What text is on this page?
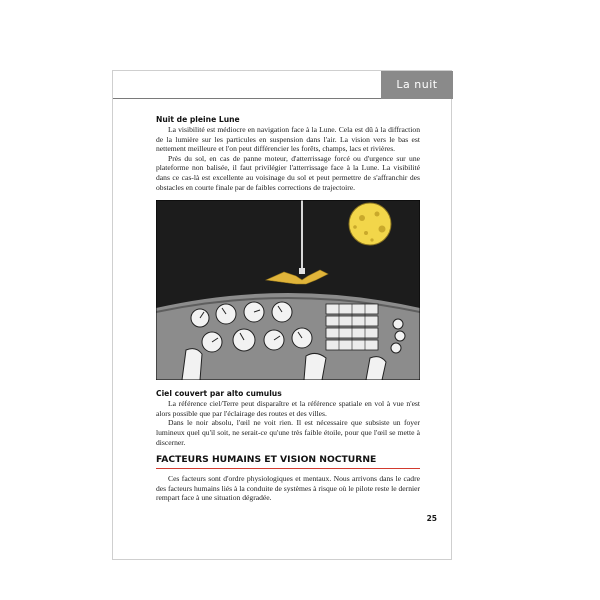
La nuit
Nuit de pleine Lune

La visibilité est médiocre en navigation face à la Lune. Cela est dû à la diffraction de la lumière sur les particules en suspension dans l'air. La vision vers le bas est nettement meilleure et l'on peut différencier les forêts, champs, lacs et rivières.

Près du sol, en cas de panne moteur, d'atterrissage forcé ou d'urgence sur une plateforme non balisée, il faut privilégier l'atterrissage face à la Lune. La visibilité dans ce cas-là est excellente au voisinage du sol et peut permettre de s'affranchir des obstacles en courte finale par de faibles corrections de trajectoire.

Ciel couvert par alto cumulus

La référence ciel/Terre peut disparaître et la référence spatiale en vol à vue n'est alors possible que par l'éclairage des routes et des villes.

Dans le noir absolu, l'œil ne voit rien. Il est nécessaire que subsiste un foyer lumineux quel qu'il soit, ne serait-ce qu'une très faible étoile, pour que l'œil se mette à discerner.

FACTEURS HUMAINS ET VISION NOCTURNE

Ces facteurs sont d'ordre physiologiques et mentaux. Nous arrivons dans le cadre des facteurs humains liés à la conduite de systèmes à risque où le pilote reste le dernier rempart face à une situation dégradée.

25
